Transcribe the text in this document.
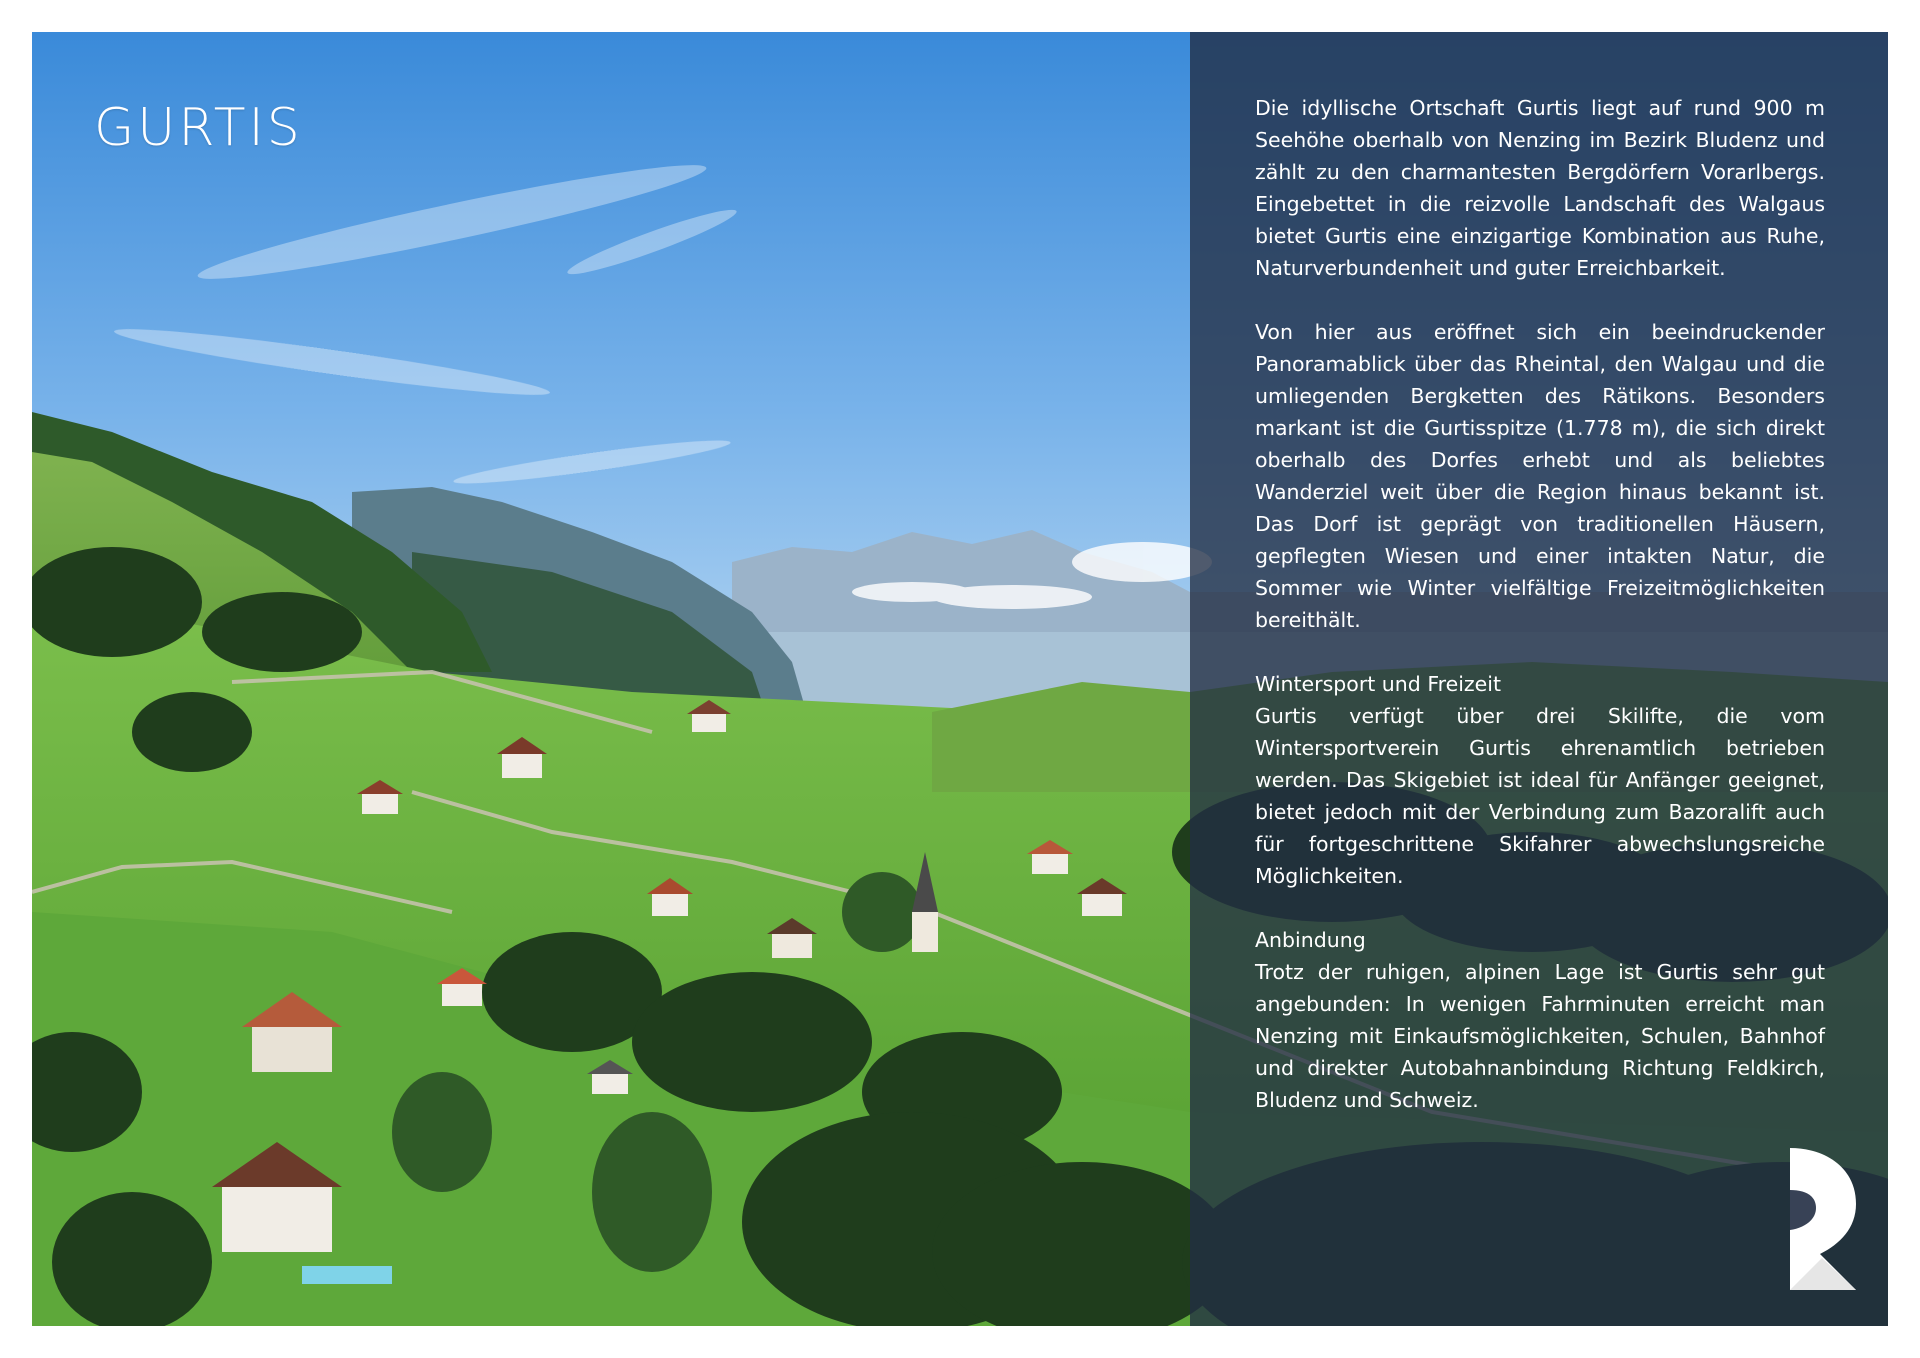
GURTIS	Die idyllische Ortschaft Gurtis liegt auf rund 900 m Seehöhe oberhalb von Nenzing im Bezirk Bludenz und zählt zu den charmantesten Bergdörfern Vorarlbergs. Eingebettet in die reizvolle Landschaft des Walgaus bietet Gurtis eine einzigartige Kombination aus Ruhe, Naturverbundenheit und guter Erreichbarkeit.

Von hier aus eröffnet sich ein beeindruckender Panoramablick über das Rheintal, den Walgau und die umliegenden Bergketten des Rätikons. Besonders markant ist die Gurtisspitze (1.778 m), die sich direkt oberhalb des Dorfes erhebt und als beliebtes Wanderziel weit über die Region hinaus bekannt ist. Das Dorf ist geprägt von traditionellen Häusern, gepflegten Wiesen und einer intakten Natur, die Sommer wie Winter vielfältige Freizeitmöglichkeiten bereithält.

Wintersport und Freizeit

Gurtis verfügt über drei Skilifte, die vom Wintersportverein Gurtis ehrenamtlich betrieben werden. Das Skigebiet ist ideal für Anfänger geeignet, bietet jedoch mit der Verbindung zum Bazoralift auch für fortgeschrittene Skifahrer abwechslungsreiche Möglichkeiten.

Anbindung

Trotz der ruhigen, alpinen Lage ist Gurtis sehr gut angebunden: In wenigen Fahrminuten erreicht man Nenzing mit Einkaufsmöglichkeiten, Schulen, Bahnhof und direkter Autobahnanbindung Richtung Feldkirch, Bludenz und Schweiz.
